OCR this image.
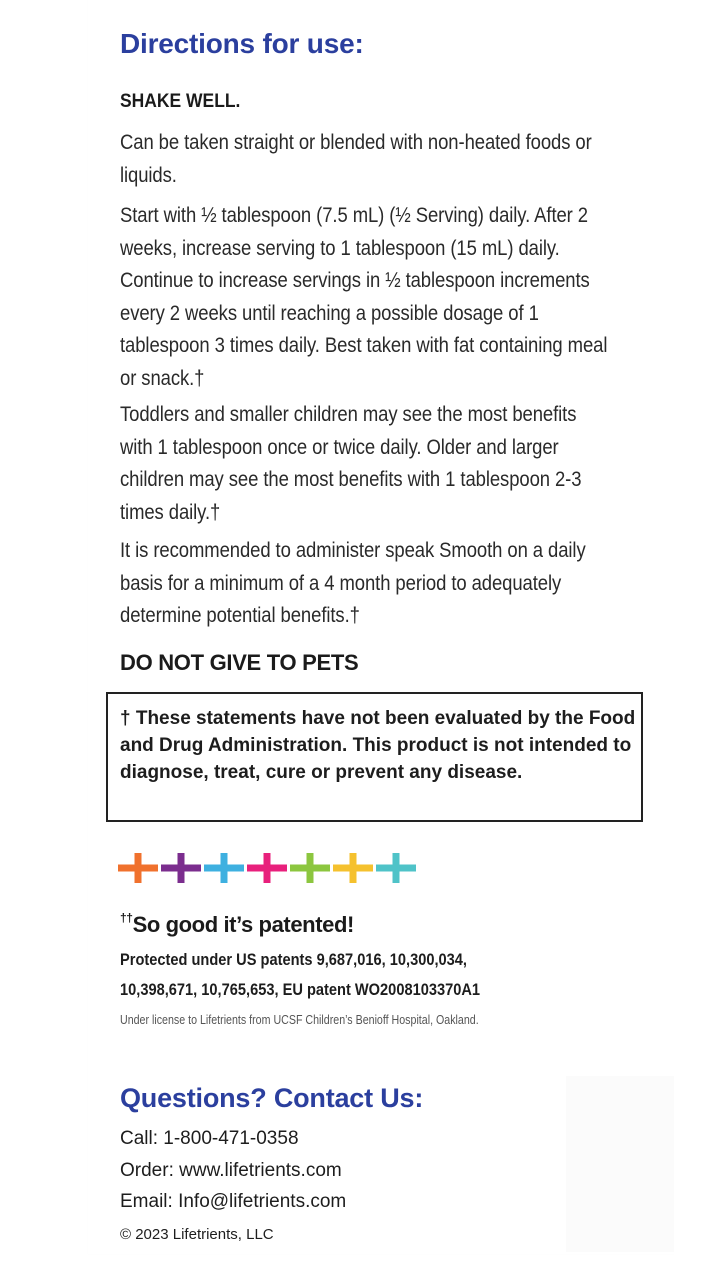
Directions for use:
SHAKE WELL.
Can be taken straight or blended with non-heated foods or liquids.
Start with ½ tablespoon (7.5 mL) (½ Serving) daily. After 2 weeks, increase serving to 1 tablespoon (15 mL) daily. Continue to increase servings in ½ tablespoon increments every 2 weeks until reaching a possible dosage of 1 tablespoon 3 times daily. Best taken with fat containing meal or snack.†
Toddlers and smaller children may see the most benefits with 1 tablespoon once or twice daily. Older and larger children may see the most benefits with 1 tablespoon 2-3 times daily.†
It is recommended to administer speak Smooth on a daily basis for a minimum of a 4 month period to adequately determine potential benefits.†
DO NOT GIVE TO PETS
† These statements have not been evaluated by the Food and Drug Administration. This product is not intended to diagnose, treat, cure or prevent any disease.
††So good it’s patented!
Protected under US patents 9,687,016, 10,300,034,
10,398,671, 10,765,653, EU patent WO2008103370A1
Under license to Lifetrients from UCSF Children’s Benioff Hospital, Oakland.
Questions? Contact Us:
Call: 1-800-471-0358
Order: www.lifetrients.com
Email: Info@lifetrients.com
© 2023 Lifetrients, LLC
